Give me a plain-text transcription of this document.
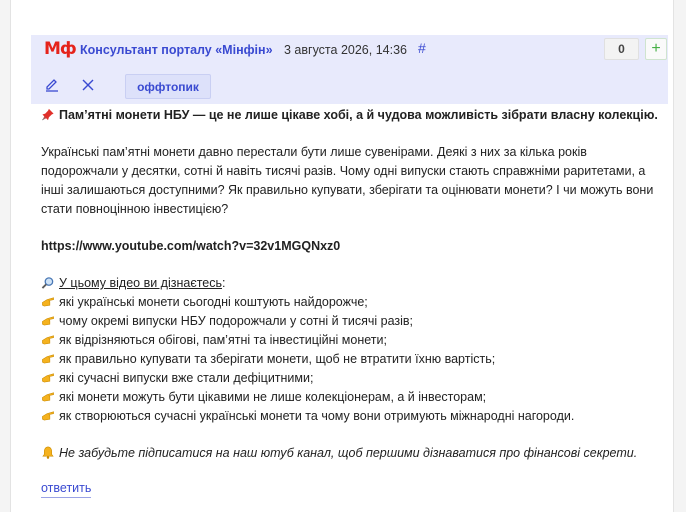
Мф Консультант порталу «Мінфін» 3 августа 2026, 14:36 #	0	+
оффтопик
Пам’ятні монети НБУ — це не лише цікаве хобі, а й чудова можливість зібрати власну колекцію.
Українські пам’ятні монети давно перестали бути лише сувенірами. Деякі з них за кілька років
подорожчали у десятки, сотні й навіть тисячі разів. Чому одні випуски стають справжніми раритетами, а
інші залишаються доступними? Як правильно купувати, зберігати та оцінювати монети? І чи можуть вони
стати повноцінною інвестицією?
https://www.youtube.com/watch?v=32v1MGQNxz0
У цьому відео ви дізнаєтесь:
які українські монети сьогодні коштують найдорожче;
чому окремі випуски НБУ подорожчали у сотні й тисячі разів;
як відрізняються обігові, пам’ятні та інвестиційні монети;
як правильно купувати та зберігати монети, щоб не втратити їхню вартість;
які сучасні випуски вже стали дефіцитними;
які монети можуть бути цікавими не лише колекціонерам, а й інвесторам;
як створюються сучасні українські монети та чому вони отримують міжнародні нагороди.
Не забудьте підписатися на наш ютуб канал, щоб першими дізнаватися про фінансові секрети.
ответить
